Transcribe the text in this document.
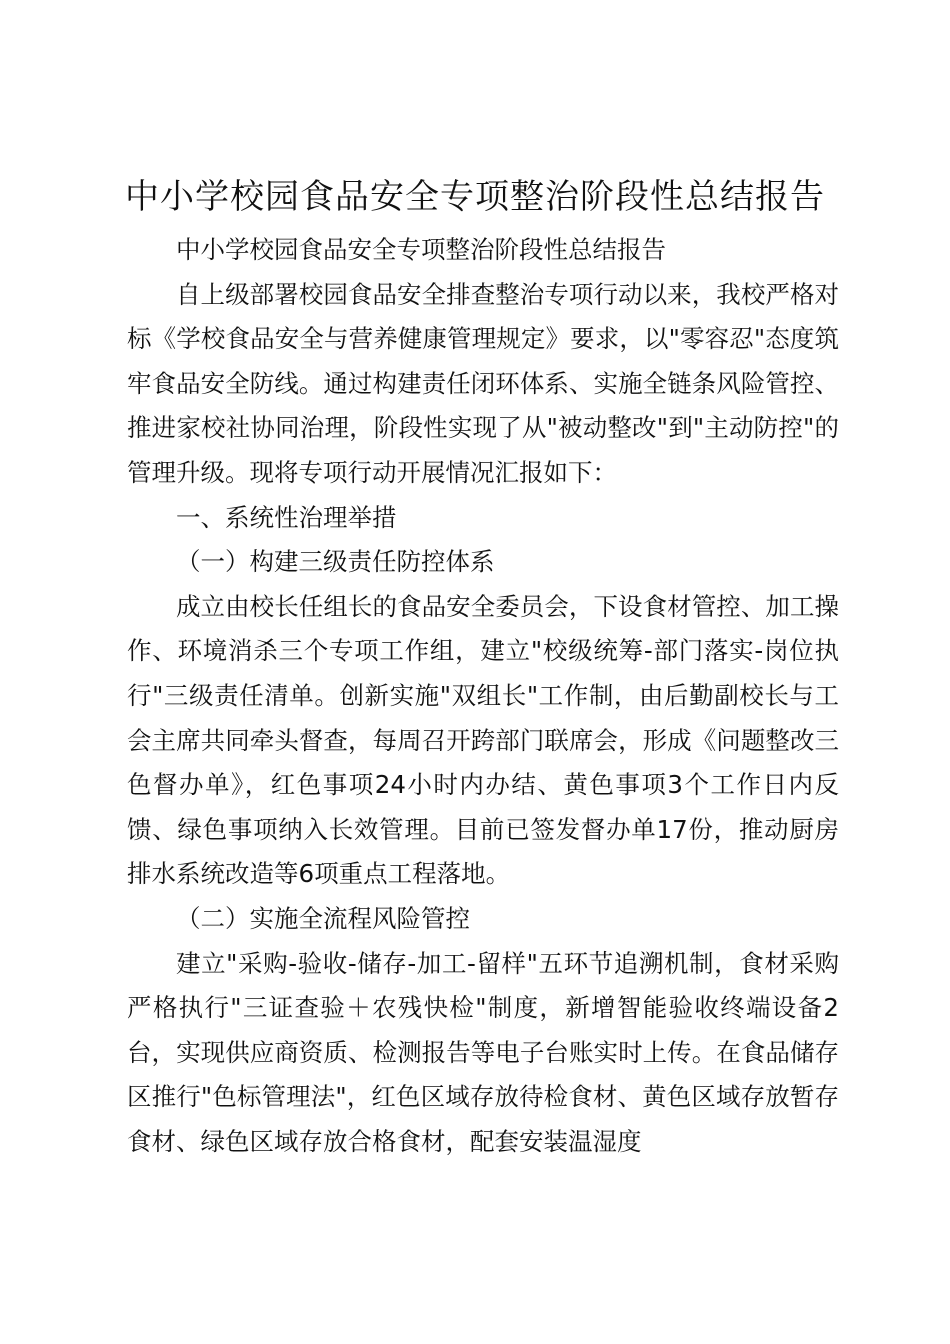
中小学校园食品安全专项整治阶段性总结报告

中小学校园食品安全专项整治阶段性总结报告

自上级部署校园食品安全排查整治专项行动以来，我校严格对标《学校食品安全与营养健康管理规定》要求，以"零容忍"态度筑牢食品安全防线。通过构建责任闭环体系、实施全链条风险管控、推进家校社协同治理，阶段性实现了从"被动整改"到"主动防控"的管理升级。现将专项行动开展情况汇报如下：

一、系统性治理举措

（一）构建三级责任防控体系

成立由校长任组长的食品安全委员会，下设食材管控、加工操作、环境消杀三个专项工作组，建立"校级统筹-部门落实-岗位执行"三级责任清单。创新实施"双组长"工作制，由后勤副校长与工会主席共同牵头督查，每周召开跨部门联席会，形成《问题整改三色督办单》，红色事项24小时内办结、黄色事项3个工作日内反馈、绿色事项纳入长效管理。目前已签发督办单17份，推动厨房排水系统改造等6项重点工程落地。

（二）实施全流程风险管控

建立"采购-验收-储存-加工-留样"五环节追溯机制，食材采购严格执行"三证查验＋农残快检"制度，新增智能验收终端设备2台，实现供应商资质、检测报告等电子台账实时上传。在食品储存区推行"色标管理法"，红色区域存放待检食材、黄色区域存放暂存食材、绿色区域存放合格食材，配套安装温湿度
